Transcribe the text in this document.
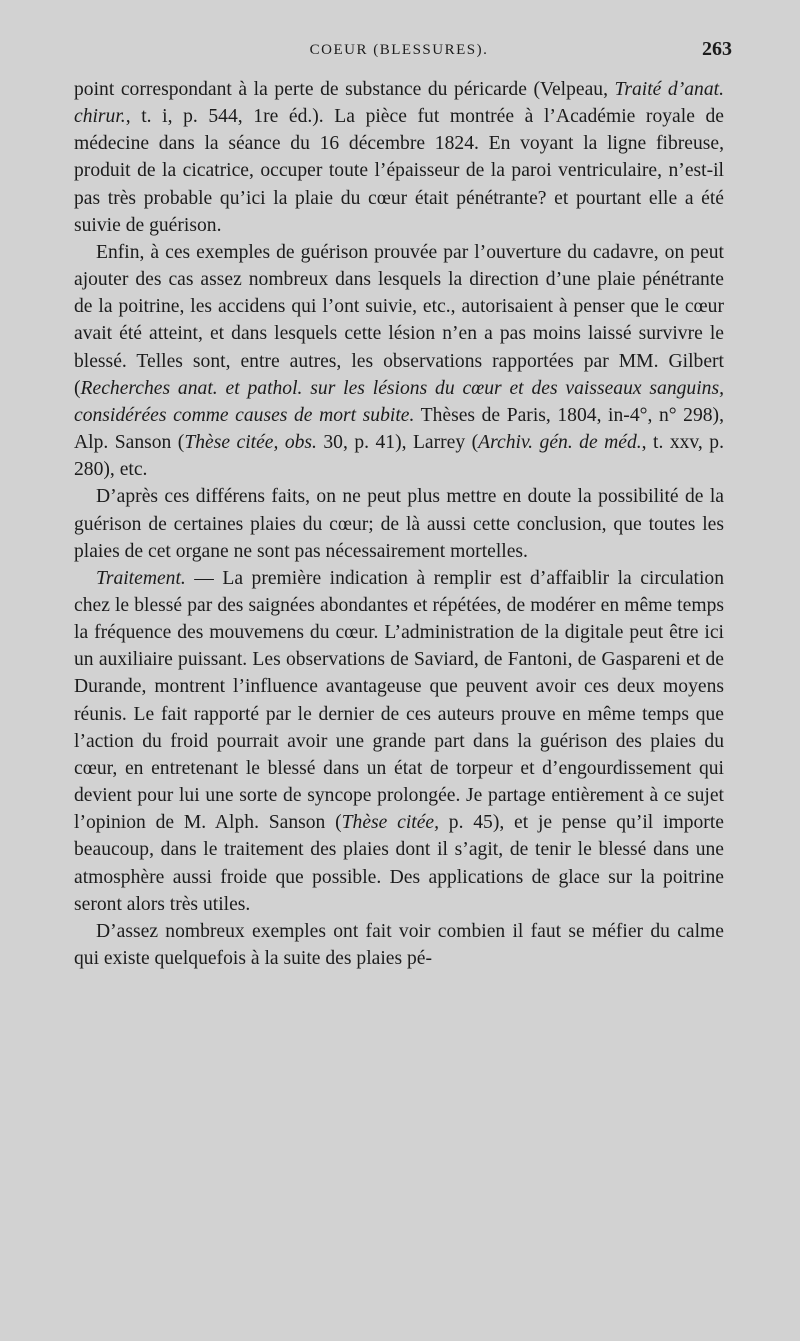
COEUR (BLESSURES).	263

point correspondant à la perte de substance du péricarde (Velpeau, Traité d’anat. chirur., t. i, p. 544, 1re éd.). La pièce fut montrée à l’Académie royale de médecine dans la séance du 16 décembre 1824. En voyant la ligne fibreuse, produit de la cicatrice, occuper toute l’épaisseur de la paroi ventriculaire, n’est-il pas très probable qu’ici la plaie du cœur était pénétrante? et pourtant elle a été suivie de guérison.

Enfin, à ces exemples de guérison prouvée par l’ouverture du cadavre, on peut ajouter des cas assez nombreux dans lesquels la direction d’une plaie pénétrante de la poitrine, les accidens qui l’ont suivie, etc., autorisaient à penser que le cœur avait été atteint, et dans lesquels cette lésion n’en a pas moins laissé survivre le blessé. Telles sont, entre autres, les observations rapportées par MM. Gilbert (Recherches anat. et pathol. sur les lésions du cœur et des vaisseaux sanguins, considérées comme causes de mort subite. Thèses de Paris, 1804, in-4°, n° 298), Alp. Sanson (Thèse citée, obs. 30, p. 41), Larrey (Archiv. gén. de méd., t. xxv, p. 280), etc.

D’après ces différens faits, on ne peut plus mettre en doute la possibilité de la guérison de certaines plaies du cœur; de là aussi cette conclusion, que toutes les plaies de cet organe ne sont pas nécessairement mortelles.

Traitement. — La première indication à remplir est d’affaiblir la circulation chez le blessé par des saignées abondantes et répétées, de modérer en même temps la fréquence des mouvemens du cœur. L’administration de la digitale peut être ici un auxiliaire puissant. Les observations de Saviard, de Fantoni, de Gaspareni et de Durande, montrent l’influence avantageuse que peuvent avoir ces deux moyens réunis. Le fait rapporté par le dernier de ces auteurs prouve en même temps que l’action du froid pourrait avoir une grande part dans la guérison des plaies du cœur, en entretenant le blessé dans un état de torpeur et d’engourdissement qui devient pour lui une sorte de syncope prolongée. Je partage entièrement à ce sujet l’opinion de M. Alph. Sanson (Thèse citée, p. 45), et je pense qu’il importe beaucoup, dans le traitement des plaies dont il s’agit, de tenir le blessé dans une atmosphère aussi froide que possible. Des applications de glace sur la poitrine seront alors très utiles.

D’assez nombreux exemples ont fait voir combien il faut se méfier du calme qui existe quelquefois à la suite des plaies pé-
